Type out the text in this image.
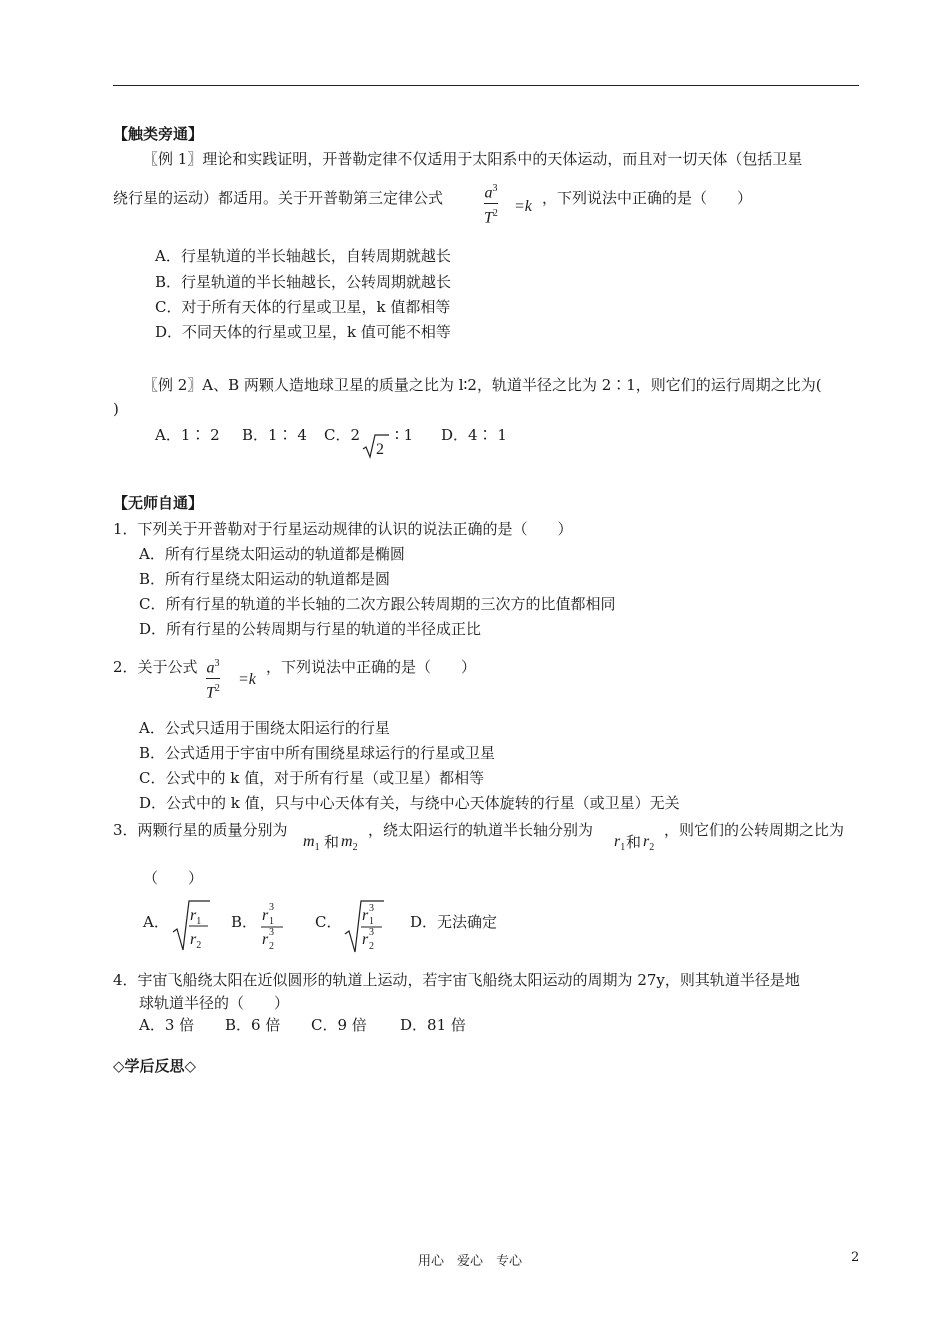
【触类旁通】
〖例 1〗理论和实践证明，开普勒定律不仅适用于太阳系中的天体运动，而且对一切天体（包括卫星
绕行星的运动）都适用。关于开普勒第三定律公式	$a^3$
$T^2 =k$ ，下列说法中正确的是（　　）
A．行星轨道的半长轴越长，自转周期就越长
B．行星轨道的半长轴越长，公转周期就越长
C．对于所有天体的行星或卫星，k 值都相等
D．不同天体的行星或卫星，k 值可能不相等
〖例 2〗A、B 两颗人造地球卫星的质量之比为 l∶2，轨道半径之比为 2∶1，则它们的运行周期之比为(
)
A．1∶ 2 B．1∶ 4 C．2
2
∶ 1 D．4∶ 1
【无师自通】
1．下列关于开普勒对于行星运动规律的认识的说法正确的是（　　）
A．所有行星绕太阳运动的轨道都是椭圆
B．所有行星绕太阳运动的轨道都是圆
C．所有行星的轨道的半长轴的二次方跟公转周期的三次方的比值都相同
D．所有行星的公转周期与行星的轨道的半径成正比
2．关于公式 $a^3$
$T^2$
=k
，下列说法中正确的是（　　）
A．公式只适用于围绕太阳运行的行星
B．公式适用于宇宙中所有围绕星球运行的行星或卫星
C．公式中的 k 值，对于所有行星（或卫星）都相等
D．公式中的 k 值，只与中心天体有关，与绕中心天体旋转的行星（或卫星）无关
3．两颗行星的质量分别为
$m_1$ 和 $m_2$
，绕太阳运行的轨道半长轴分别为
$r_1$ 和 $r_2$
，则它们的公转周期之比为
（　　）
A． $r_1$
$r_2$
B． r 3
1
r 3
2
C． r 3
1
r 3
2
D．无法确定
4．宇宙飞船绕太阳在近似圆形的轨道上运动，若宇宙飞船绕太阳运动的周期为 27y，则其轨道半径是地
球轨道半径的（　　）
A．3 倍 B．6 倍 C．9 倍 D．81 倍
◇学后反思◇
用心　爱心　专心	2
